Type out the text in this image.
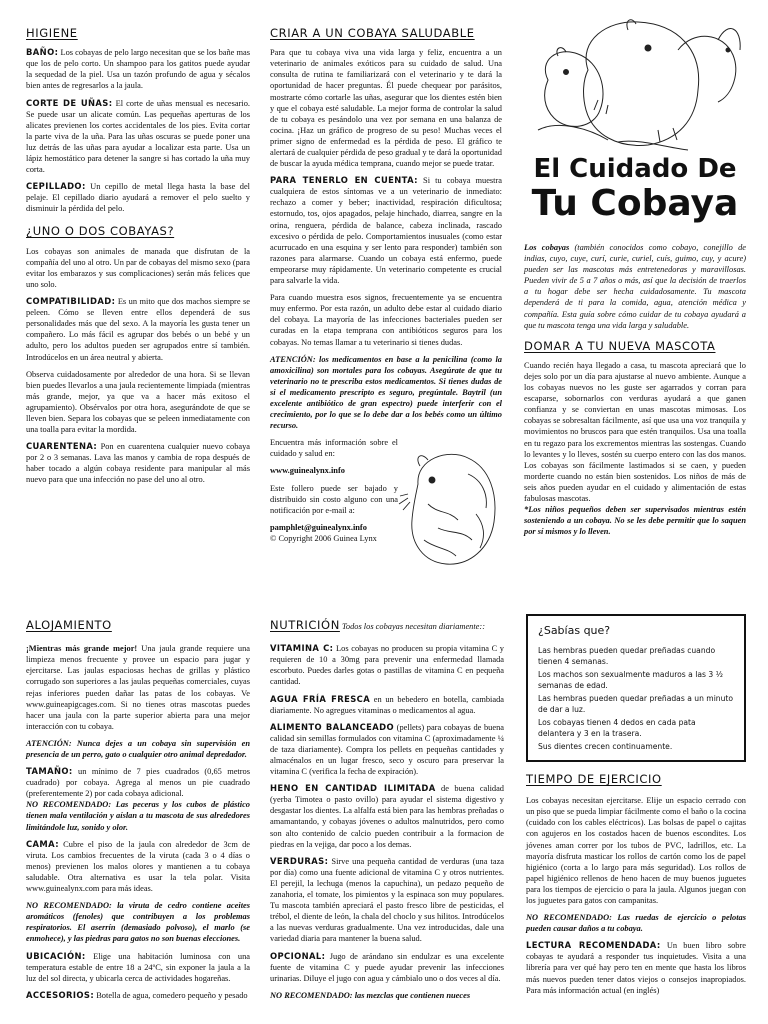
HIGIENE

BAÑO: Los cobayas de pelo largo necesitan que se los bañe mas que los de pelo corto. Un shampoo para los gatitos puede ayudar la sequedad de la piel. Usa un tazón profundo de agua y sécalos bien antes de regresarlos a la jaula.

CORTE DE UÑAS: El corte de uñas mensual es necesario. Se puede usar un alicate común. Las pequeñas aperturas de los alicates previenen los cortes accidentales de los pies. Evita cortar la parte viva de la uña. Para las uñas oscuras se puede poner una luz detrás de las uñas para ayudar a localizar esta parte. Usa un lápiz hemostático para detener la sangre si has cortado la uña muy corta.

CEPILLADO: Un cepillo de metal llega hasta la base del pelaje. El cepillado diario ayudará a remover el pelo suelto y disminuir la pérdida del pelo.

¿UNO O DOS COBAYAS?

Los cobayas son animales de manada que disfrutan de la compañía del uno al otro. Un par de cobayas del mismo sexo (para evitar los embarazos y sus complicaciones) serán más felices que uno solo.

COMPATIBILIDAD: Es un mito que dos machos siempre se peleen. Cómo se lleven entre ellos dependerá de sus personalidades más que del sexo. A la mayoría les gusta tener un compañero. Lo más fácil es agrupar dos bebés o un bebé y un adulto, pero los adultos pueden ser agrupados entre sí también. Introdúcelos en un área neutral y abierta.

Observa cuidadosamente por alrededor de una hora. Si se llevan bien puedes llevarlos a una jaula recientemente limpiada (mientras más grande, mejor, ya que va a hacer más exitoso el agrupamiento). Obsérvalos por otra hora, asegurándote de que se lleven bien. Separa los cobayas que se peleen inmediatamente con una toalla para evitar la mordida.

CUARENTENA: Pon en cuarentena cualquier nuevo cobaya por 2 o 3 semanas. Lava las manos y cambia de ropa después de haber tocado a algún cobaya residente para manipular al más nuevo para que una infección no pase del uno al otro.

CRIAR A UN COBAYA SALUDABLE

Para que tu cobaya viva una vida larga y feliz, encuentra a un veterinario de animales exóticos para su cuidado de salud. Una consulta de rutina te familiarizará con el veterinario y te dará la oportunidad de hacer preguntas. Él puede chequear por parásitos, mostrarte cómo cortarle las uñas, asegurar que los dientes estén bien y que el cobaya esté saludable. La mejor forma de controlar la salud de tu cobaya es pesándolo una vez por semana en una balanza de cocina. ¡Haz un gráfico de progreso de su peso! Muchas veces el primer signo de enfermedad es la pérdida de peso. El gráfico te alertará de cualquier pérdida de peso gradual y te dará la oportunidad de buscar la ayuda médica temprana, cuando mejor se puede tratar.

PARA TENERLO EN CUENTA: Si tu cobaya muestra cualquiera de estos síntomas ve a un veterinario de inmediato: rechazo a comer y beber; inactividad, respiración dificultosa; estornudo, tos, ojos apagados, pelaje hinchado, diarrea, sangre en la orina, renguera, pérdida de balance, cabeza inclinada, rascado excesivo o pérdida de pelo. Comportamientos inusuales (como estar acurrucado en una esquina y ser lento para responder) también son razones para alarmarse. Cuando un cobaya está enfermo, puede empeorarse muy rápidamente. Un veterinario competente es crucial para salvarle la vida.

Para cuando muestra esos signos, frecuentemente ya se encuentra muy enfermo. Por esta razón, un adulto debe estar al cuidado diario del cobaya. La mayoría de las infecciones bacteriales pueden ser curadas en la etapa temprana con antibióticos seguros para los cobayas. No temas llamar a tu veterinario si tienes dudas.

ATENCIÓN: los medicamentos en base a la penicilina (como la amoxicilina) son mortales para los cobayas. Asegúrate de que tu veterinario no te prescriba estos medicamentos. Si tienes dudas de si el medicamento prescripto es seguro, pregúntale. Baytril (un excelente antibiótico de gran espectro) puede interferir con el crecimiento, por lo que se lo debe dar a los bebés como un último recurso.

Encuentra más información sobre el cuidado y salud en:

www.guinealynx.info

Este follero puede ser bajado y distribuido sin costo alguno con una notificación por e-mail a:

pamphlet@guinealynx.info

© Copyright 2006 Guinea Lynx

El Cuidado De
Tu Cobaya

Los cobayas (también conocidos como cobayo, conejillo de indias, cuyo, cuye, curí, curie, curiel, cuís, guimo, cuy, y acure) pueden ser las mascotas más entretenedoras y maravillosas. Pueden vivir de 5 a 7 años o más, así que la decisión de traerlos a tu hogar debe ser hecha cuidadosamente. Tu mascota dependerá de ti para la comida, agua, atención médica y compañía. Esta guía sobre cómo cuidar de tu cobaya ayudará a que tu mascota tenga una vida larga y saludable.

DOMAR A TU NUEVA MASCOTA

Cuando recién haya llegado a casa, tu mascota apreciará que lo dejes solo por un día para ajustarse al nuevo ambiente. Aunque a los cobayas nuevos no les guste ser agarrados y corran para escaparse, sobornarlos con verduras ayudará a que ganen confianza y se conviertan en unas mascotas mimosas. Los cobayas se sobresaltan fácilmente, así que usa una voz tranquila y movimientos no bruscos para que estén tranquilos. Usa una toalla en tu regazo para los excrementos mientras las sostengas. Cuando lo levantes y lo lleves, sostén su cuerpo entero con las dos manos. Los cobayas son fácilmente lastimados si se caen, y pueden morderte cuando no están bien sostenidos. Los niños de más de seis años pueden ayudar en el cuidado y alimentación de estas fabulosas mascotas.

*Los niños pequeños deben ser supervisados mientras estén sosteniendo a un cobaya. No se les debe permitir que lo saquen por sí mismos y lo lleven.

ALOJAMIENTO

¡Mientras más grande mejor! Una jaula grande requiere una limpieza menos frecuente y provee un espacio para jugar y ejercitarse. Las jaulas espaciosas hechas de grillas y plástico corrugado son superiores a las jaulas pequeñas comerciales, cuyas rejas inferiores pueden dañar las patas de los cobayas. Ve www.guineapigcages.com. Si no tienes otras mascotas puedes hacer una jaula con la parte superior abierta para una mejor interacción con tu cobaya.

ATENCIÓN: Nunca dejes a un cobaya sin supervisión en presencia de un perro, gato o cualquier otro animal depredador.

TAMAÑO: un mínimo de 7 pies cuadrados (0,65 metros cuadrado) por cobaya. Agrega al menos un pie cuadrado (preferentemente 2) por cada cobaya adicional.

NO RECOMENDADO: Las peceras y los cubos de plástico tienen mala ventilación y aíslan a tu mascota de sus alrededores limitándole luz, sonido y olor.

CAMA: Cubre el piso de la jaula con alrededor de 3cm de viruta. Los cambios frecuentes de la viruta (cada 3 o 4 días o menos) previenen los malos olores y mantienen a tu cobaya saludable. Otra alternativa es usar la tela polar. Visita www.guinealynx.com para más ideas.

NO RECOMENDADO: la viruta de cedro contiene aceites aromáticos (fenoles) que contribuyen a los problemas respiratorios. El aserrín (demasiado polvoso), el marlo (se enmohece), y las piedras para gatos no son buenas elecciones.

UBICACIÓN: Elige una habitación luminosa con una temperatura estable de entre 18 a 24ºC, sin exponer la jaula a la luz del sol directa, y ubicarla cerca de actividades hogareñas.

ACCESORIOS: Botella de agua, comedero pequeño y pesado

NUTRICIÓN Todos los cobayas necesitan diariamente::

VITAMINA C: Los cobayas no producen su propia vitamina C y requieren de 10 a 30mg para prevenir una enfermedad llamada escorbuto. Puedes darles gotas o pastillas de vitamina C en pequeña cantidad.

AGUA FRÍA FRESCA en un bebedero en botella, cambiada diariamente. No agregues vitaminas o medicamentos al agua.

ALIMENTO BALANCEADO (pellets) para cobayas de buena calidad sin semillas formulados con vitamina C (aproximadamente ¼ de taza diariamente). Compra los pellets en pequeñas cantidades y almacénalos en un lugar fresco, seco y oscuro para preservar la vitamina C (verifica la fecha de expiración).

HENO EN CANTIDAD ILIMITADA de buena calidad (yerba Timotea o pasto ovillo) para ayudar el sistema digestivo y desgastar los dientes. La alfalfa está bien para las hembras preñadas o amamantando, y cobayas jóvenes o adultos malnutridos, pero como son alto contenido de calcio pueden contribuir a la formacion de piedras en la vejiga, dar poco a los demas.

VERDURAS: Sirve una pequeña cantidad de verduras (una taza por día) como una fuente adicional de vitamina C y otros nutrientes. El perejil, la lechuga (menos la capuchina), un pedazo pequeño de zanahoria, el tomate, los pimientos y la espinaca son muy populares. Tu mascota también apreciará el pasto fresco libre de pesticidas, el trébol, el diente de león, la chala del choclo y sus hilitos. Introdúcelos a las nuevas verduras gradualmente. Una vez introducidas, dale una variedad diaria para mantener la buena salud.

OPCIONAL: Jugo de arándano sin endulzar es una excelente fuente de vitamina C y puede ayudar prevenir las infecciones urinarias. Diluye el jugo con agua y cámbialo uno o dos veces al día.

NO RECOMENDADO: las mezclas que contienen nueces

¿Sabías que?
Las hembras pueden quedar preñadas cuando tienen 4 semanas.
Los machos son sexualmente maduros a las 3 ½ semanas de edad.
Las hembras pueden quedar preñadas a un minuto de dar a luz.
Los cobayas tienen 4 dedos en cada pata delantera y 3 en la trasera.
Sus dientes crecen continuamente.
TIEMPO DE EJERCICIO

Los cobayas necesitan ejercitarse. Elije un espacio cerrado con un piso que se pueda limpiar fácilmente como el baño o la cocina (cuidado con los cables eléctricos). Las bolsas de papel o cajitas con agujeros en los costados hacen de buenos escondites. Los jóvenes aman correr por los tubos de PVC, ladrillos, etc. La mayoría disfruta masticar los rollos de cartón como los de papel higiénico (corta a lo largo para más seguridad). Los rollos de papel higiénico rellenos de heno hacen de muy buenos juguetes para los tiempos de ejercicio o para la jaula. Algunos juegan con los juguetes para gatos con campanitas.

NO RECOMENDADO: Las ruedas de ejercicio o pelotas pueden causar daños a tu cobaya.

LECTURA RECOMENDADA: Un buen libro sobre cobayas te ayudará a responder tus inquietudes. Visita a una librería para ver qué hay pero ten en mente que hasta los libros más nuevos pueden tener datos viejos o consejos inapropiados. Para más información actual (en inglés)
